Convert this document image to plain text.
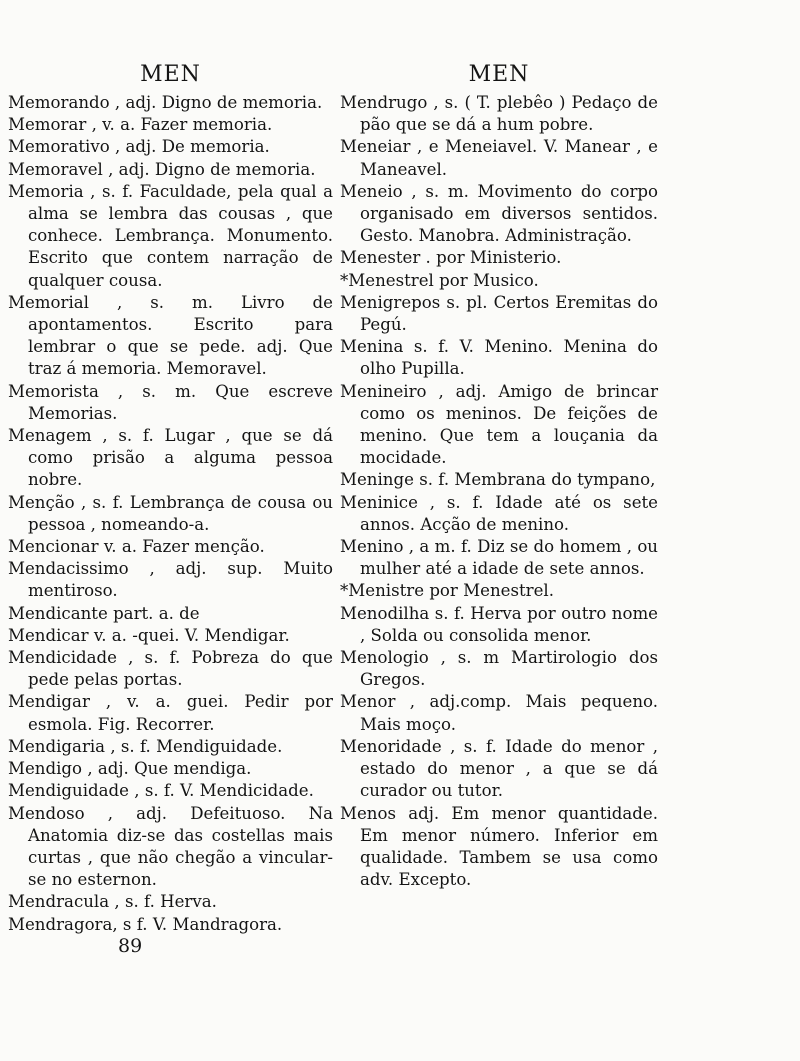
MEN
Memorando , adj. Digno de memoria.
Memorar , v. a. Fazer memoria.
Memorativo , adj. De memoria.
Memoravel , adj. Digno de memoria.
Memoria , s. f. Faculdade, pela qual a alma se lembra das cousas , que conhece. Lembrança. Monumento. Escrito que contem narração de qualquer cousa.
Memorial , s. m. Livro de apontamentos. Escrito para lembrar o que se pede. adj. Que traz á memoria. Memoravel.
Memorista , s. m. Que escreve Memorias.
Menagem , s. f. Lugar , que se dá como prisão a alguma pessoa nobre.
Menção , s. f. Lembrança de cousa ou pessoa , nomeando-a.
Mencionar v. a. Fazer menção.
Mendacissimo , adj. sup. Muito mentiroso.
Mendicante part. a. de
Mendicar v. a. -quei. V. Mendigar.
Mendicidade , s. f. Pobreza do que pede pelas portas.
Mendigar , v. a. guei. Pedir por esmola. Fig. Recorrer.
Mendigaria , s. f. Mendiguidade.
Mendigo , adj. Que mendiga.
Mendiguidade , s. f. V. Mendicidade.
Mendoso , adj. Defeituoso. Na Anatomia diz-se das costellas mais curtas , que não chegão a vincular-se no esternon.
Mendracula , s. f. Herva.
Mendragora, s f. V. Mandragora.
MEN
Mendrugo , s. ( T. plebêo ) Pedaço de pão que se dá a hum pobre.
Meneiar , e Meneiavel. V. Manear , e Maneavel.
Meneio , s. m. Movimento do corpo organisado em diversos sentidos. Gesto. Manobra. Administração.
Menester . por Ministerio.
*Menestrel por Musico.
Menigrepos s. pl. Certos Eremitas do Pegú.
Menina s. f. V. Menino. Menina do olho Pupilla.
Menineiro , adj. Amigo de brincar como os meninos. De feições de menino. Que tem a louçania da mocidade.
Meninge s. f. Membrana do tympano,
Meninice , s. f. Idade até os sete annos. Acção de menino.
Menino , a m. f. Diz se do homem , ou mulher até a idade de sete annos.
*Menistre por Menestrel.
Menodilha s. f. Herva por outro nome , Solda ou consolida menor.
Menologio , s. m Martirologio dos Gregos.
Menor , adj.comp. Mais pequeno. Mais moço.
Menoridade , s. f. Idade do menor , estado do menor , a que se dá curador ou tutor.
Menos adj. Em menor quantidade. Em menor número. Inferior em qualidade. Tambem se usa como adv. Excepto.
89
